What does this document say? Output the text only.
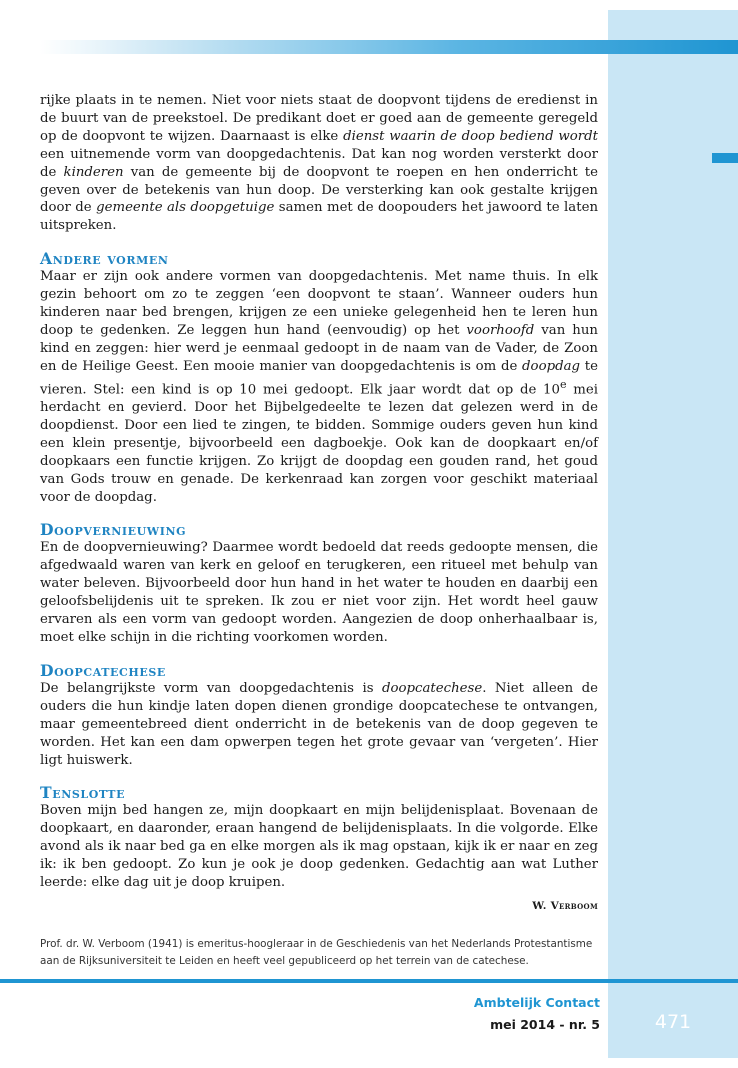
rijke plaats in te nemen. Niet voor niets staat de doopvont tijdens de eredienst in de buurt van de preekstoel. De predikant doet er goed aan de gemeente geregeld op de doopvont te wijzen. Daarnaast is elke dienst waarin de doop bediend wordt een uitnemende vorm van doopgedachtenis. Dat kan nog worden versterkt door de kinderen van de gemeente bij de doopvont te roepen en hen onderricht te geven over de betekenis van hun doop. De versterking kan ook gestalte krijgen door de gemeente als doopgetuige samen met de doopouders het jawoord te laten uitspreken.

Andere vormen

Maar er zijn ook andere vormen van doopgedachtenis. Met name thuis. In elk gezin behoort om zo te zeggen ‘een doopvont te staan’. Wanneer ouders hun kinderen naar bed brengen, krijgen ze een unieke gelegenheid hen te leren hun doop te gedenken. Ze leggen hun hand (eenvoudig) op het voorhoofd van hun kind en zeggen: hier werd je eenmaal gedoopt in de naam van de Vader, de Zoon en de Heilige Geest. Een mooie manier van doopgedachtenis is om de doopdag te vieren. Stel: een kind is op 10 mei gedoopt. Elk jaar wordt dat op de 10e mei herdacht en gevierd. Door het Bijbelgedeelte te lezen dat gelezen werd in de doopdienst. Door een lied te zingen, te bidden. Sommige ouders geven hun kind een klein presentje, bijvoorbeeld een dagboekje. Ook kan de doopkaart en/of doopkaars een functie krijgen. Zo krijgt de doopdag een gouden rand, het goud van Gods trouw en genade. De kerkenraad kan zorgen voor geschikt materiaal voor de doopdag.

Doopvernieuwing

En de doopvernieuwing? Daarmee wordt bedoeld dat reeds gedoopte mensen, die afgedwaald waren van kerk en geloof en terugkeren, een ritueel met behulp van water beleven. Bijvoorbeeld door hun hand in het water te houden en daarbij een geloofsbelijdenis uit te spreken. Ik zou er niet voor zijn. Het wordt heel gauw ervaren als een vorm van gedoopt worden. Aangezien de doop onherhaalbaar is, moet elke schijn in die richting voorkomen worden.

Doopcatechese

De belangrijkste vorm van doopgedachtenis is doopcatechese. Niet alleen de ouders die hun kindje laten dopen dienen grondige doopcatechese te ontvangen, maar gemeentebreed dient onderricht in de betekenis van de doop gegeven te worden. Het kan een dam opwerpen tegen het grote gevaar van ‘vergeten’. Hier ligt huiswerk.

Tenslotte

Boven mijn bed hangen ze, mijn doopkaart en mijn belijdenisplaat. Bovenaan de doopkaart, en daaronder, eraan hangend de belijdenisplaats. In die volgorde. Elke avond als ik naar bed ga en elke morgen als ik mag opstaan, kijk ik er naar en zeg ik: ik ben gedoopt. Zo kun je ook je doop gedenken. Gedachtig aan wat Luther leerde: elke dag uit je doop kruipen.

W. Verboom
Prof. dr. W. Verboom (1941) is emeritus-hoogleraar in de Geschiedenis van het Nederlands Protestantisme aan de Rijksuniversiteit te Leiden en heeft veel gepubliceerd op het terrein van de catechese.
Ambtelijk Contact
mei 2014 - nr. 5	471
